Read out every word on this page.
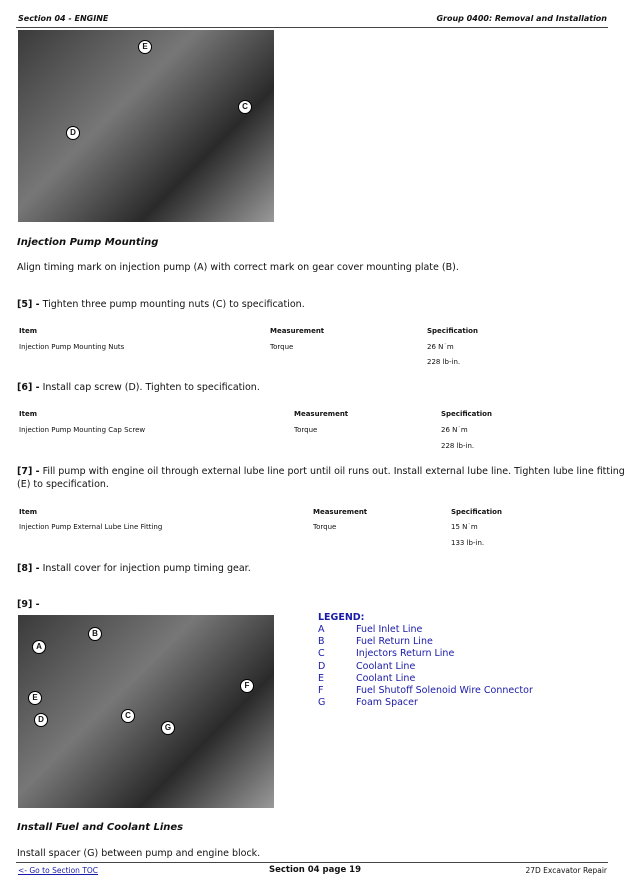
Section 04 - ENGINE	Group 0400: Removal and Installation
E
C
D
Injection Pump Mounting
Align timing mark on injection pump (A) with correct mark on gear cover mounting plate (B).
[5] - Tighten three pump mounting nuts (C) to specification.
Item	Measurement	Specification
Injection Pump Mounting Nuts	Torque	26 N˙m
228 lb-in.
[6] - Install cap screw (D). Tighten to specification.
Item	Measurement	Specification
Injection Pump Mounting Cap Screw	Torque	26 N˙m
228 lb-in.
[7] - Fill pump with engine oil through external lube line port until oil runs out. Install external lube line. Tighten lube line fitting
(E) to specification.
Item	Measurement	Specification
Injection Pump External Lube Line Fitting	Torque	15 N˙m
133 lb-in.
[8] - Install cover for injection pump timing gear.
[9] -
B
A
E
D	C
G
F
LEGEND:
A	Fuel Inlet Line
B	Fuel Return Line
C	Injectors Return Line
D	Coolant Line
E	Coolant Line
F	Fuel Shutoff Solenoid Wire Connector
G	Foam Spacer
Install Fuel and Coolant Lines
Install spacer (G) between pump and engine block.
<- Go to Section TOC	Section 04 page 19	27D Excavator Repair
